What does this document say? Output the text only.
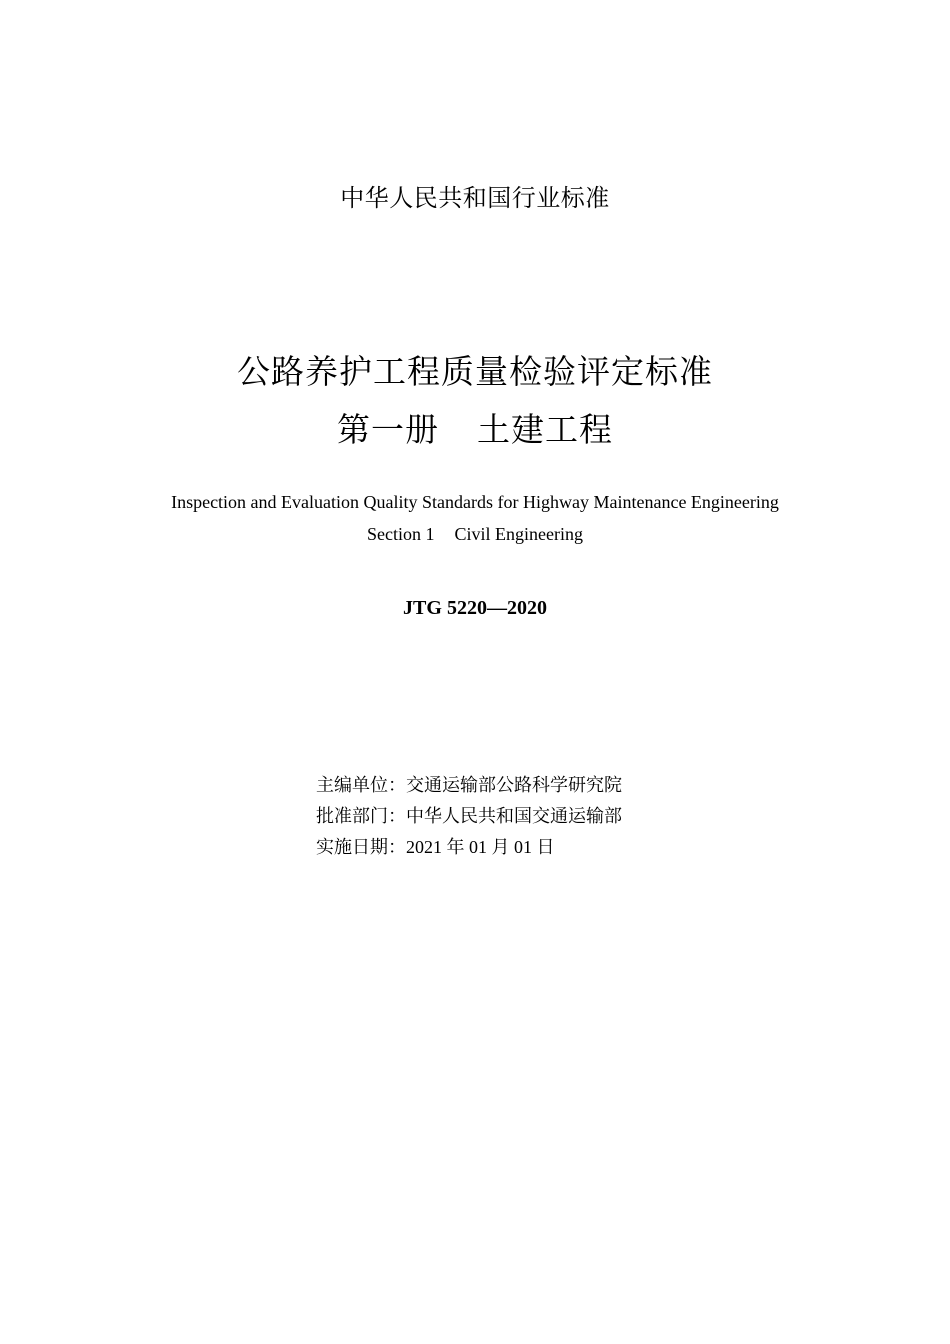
中华人民共和国行业标准
公路养护工程质量检验评定标准
第一册 土建工程
Inspection and Evaluation Quality Standards for Highway Maintenance Engineering
Section 1 Civil Engineering
JTG 5220—2020
主编单位：交通运输部公路科学研究院
批准部门：中华人民共和国交通运输部
实施日期：2021 年 01 月 01 日
